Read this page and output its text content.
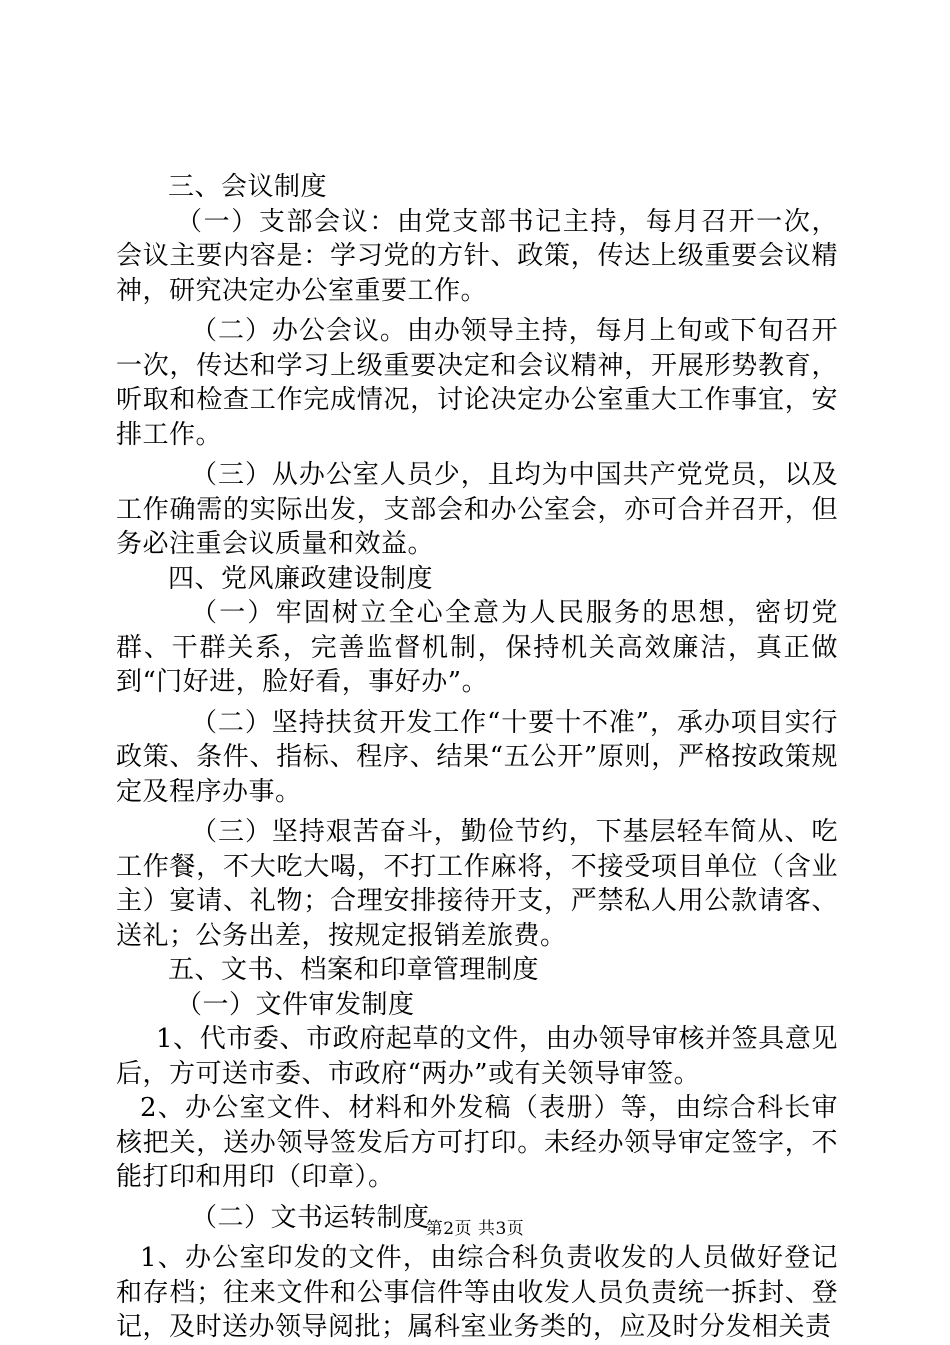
三、会议制度

（一）支部会议：由党支部书记主持，每月召开一次，会议主要内容是：学习党的方针、政策，传达上级重要会议精神，研究决定办公室重要工作。

（二）办公会议。由办领导主持，每月上旬或下旬召开一次，传达和学习上级重要决定和会议精神，开展形势教育，听取和检查工作完成情况，讨论决定办公室重大工作事宜，安排工作。

（三）从办公室人员少，且均为中国共产党党员，以及工作确需的实际出发，支部会和办公室会，亦可合并召开，但务必注重会议质量和效益。

四、党风廉政建设制度

（一）牢固树立全心全意为人民服务的思想，密切党群、干群关系，完善监督机制，保持机关高效廉洁，真正做到“门好进，脸好看，事好办”。

（二）坚持扶贫开发工作“十要十不准”，承办项目实行政策、条件、指标、程序、结果“五公开”原则，严格按政策规定及程序办事。

（三）坚持艰苦奋斗，勤俭节约，下基层轻车简从、吃工作餐，不大吃大喝，不打工作麻将，不接受项目单位（含业主）宴请、礼物；合理安排接待开支，严禁私人用公款请客、送礼；公务出差，按规定报销差旅费。

五、文书、档案和印章管理制度

（一）文件审发制度

1、代市委、市政府起草的文件，由办领导审核并签具意见后，方可送市委、市政府“两办”或有关领导审签。

2、办公室文件、材料和外发稿（表册）等，由综合科长审核把关，送办领导签发后方可打印。未经办领导审定签字，不能打印和用印（印章）。

（二）文书运转制度

1、办公室印发的文件，由综合科负责收发的人员做好登记和存档；往来文件和公事信件等由收发人员负责统一拆封、登记，及时送办领导阅批；属科室业务类的，应及时分发相关责

第2页 共3页
